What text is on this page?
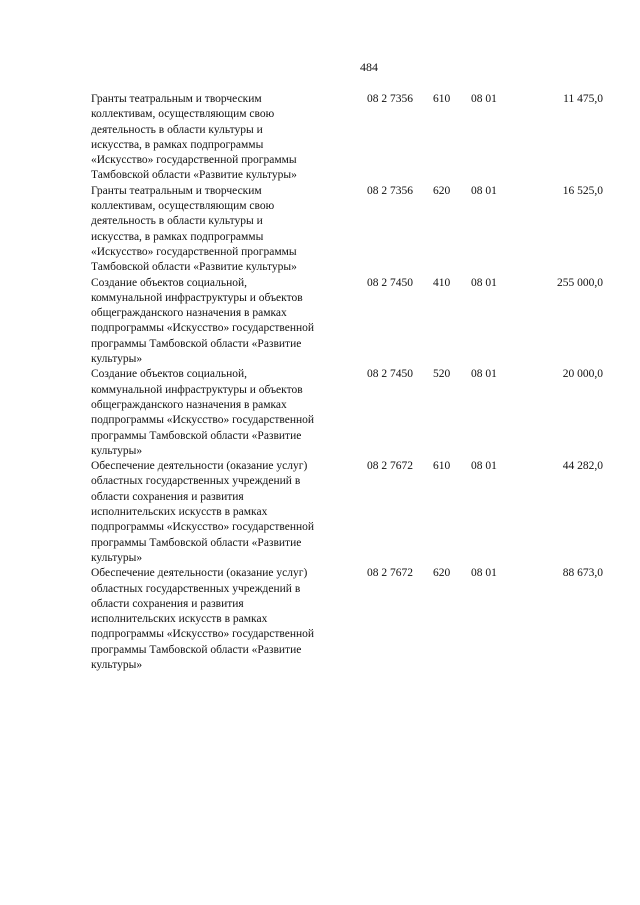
484
Гранты театральным и творческим
коллективам, осуществляющим свою
деятельность в области культуры и
искусства, в рамках подпрограммы
«Искусство» государственной программы
Тамбовской области «Развитие культуры»
08 2 7356	610	08 01	11 475,0
Гранты театральным и творческим
коллективам, осуществляющим свою
деятельность в области культуры и
искусства, в рамках подпрограммы
«Искусство» государственной программы
Тамбовской области «Развитие культуры»
08 2 7356	620	08 01	16 525,0
Создание объектов социальной,
коммунальной инфраструктуры и объектов
общегражданского назначения в рамках
подпрограммы «Искусство» государственной
программы Тамбовской области «Развитие
культуры»
08 2 7450	410	08 01	255 000,0
Создание объектов социальной,
коммунальной инфраструктуры и объектов
общегражданского назначения в рамках
подпрограммы «Искусство» государственной
программы Тамбовской области «Развитие
культуры»
08 2 7450	520	08 01	20 000,0
Обеспечение деятельности (оказание услуг)
областных государственных учреждений в
области сохранения и развития
исполнительских искусств в рамках
подпрограммы «Искусство» государственной
программы Тамбовской области «Развитие
культуры»
08 2 7672	610	08 01	44 282,0
Обеспечение деятельности (оказание услуг)
областных государственных учреждений в
области сохранения и развития
исполнительских искусств в рамках
подпрограммы «Искусство» государственной
программы Тамбовской области «Развитие
культуры»
08 2 7672	620	08 01	88 673,0
